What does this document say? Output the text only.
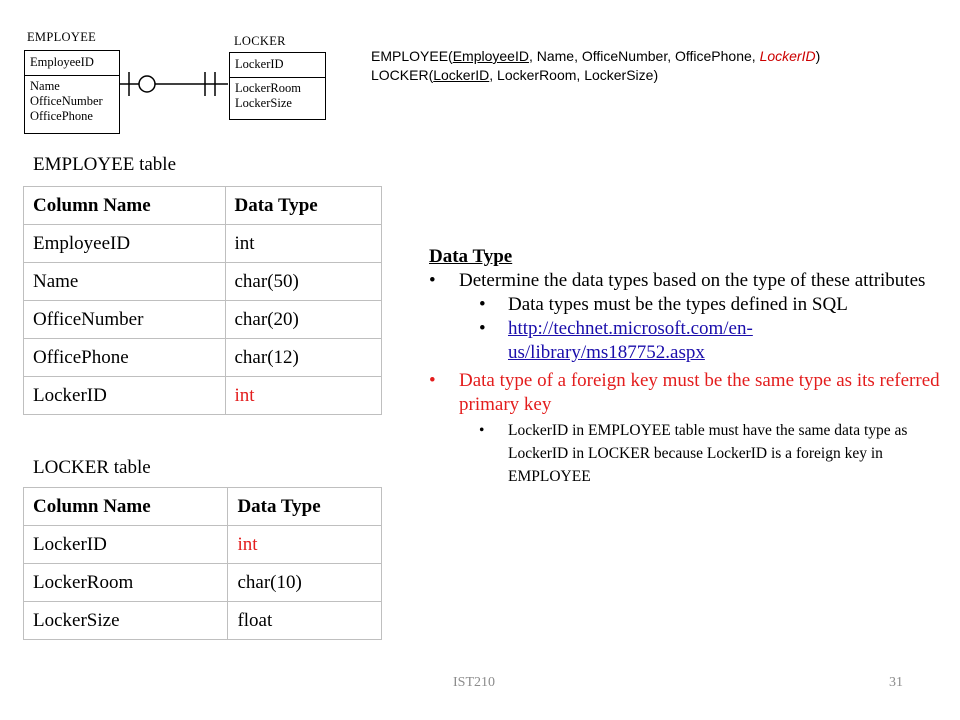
EMPLOYEE
EmployeeID
Name
OfficeNumber
OfficePhone
LOCKER
LockerID
LockerRoom
LockerSize
EMPLOYEE(EmployeeID, Name, OfficeNumber, OfficePhone, LockerID)
LOCKER(LockerID, LockerRoom, LockerSize)
EMPLOYEE table
Column Name	Data Type
EmployeeID	int
Name	char(50)
OfficeNumber	char(20)
OfficePhone	char(12)
LockerID	int
LOCKER table
Column Name	Data Type
LockerID	int
LockerRoom	char(10)
LockerSize	float
Data Type
• Determine the data types based on the type of these attributes
• Data types must be the types defined in SQL
• http://technet.microsoft.com/en-
us/library/ms187752.aspx
• Data type of a foreign key must be the same type as its referred primary key
• LockerID in EMPLOYEE table must have the same data type as LockerID in LOCKER because LockerID is a foreign key in EMPLOYEE
IST210	31
